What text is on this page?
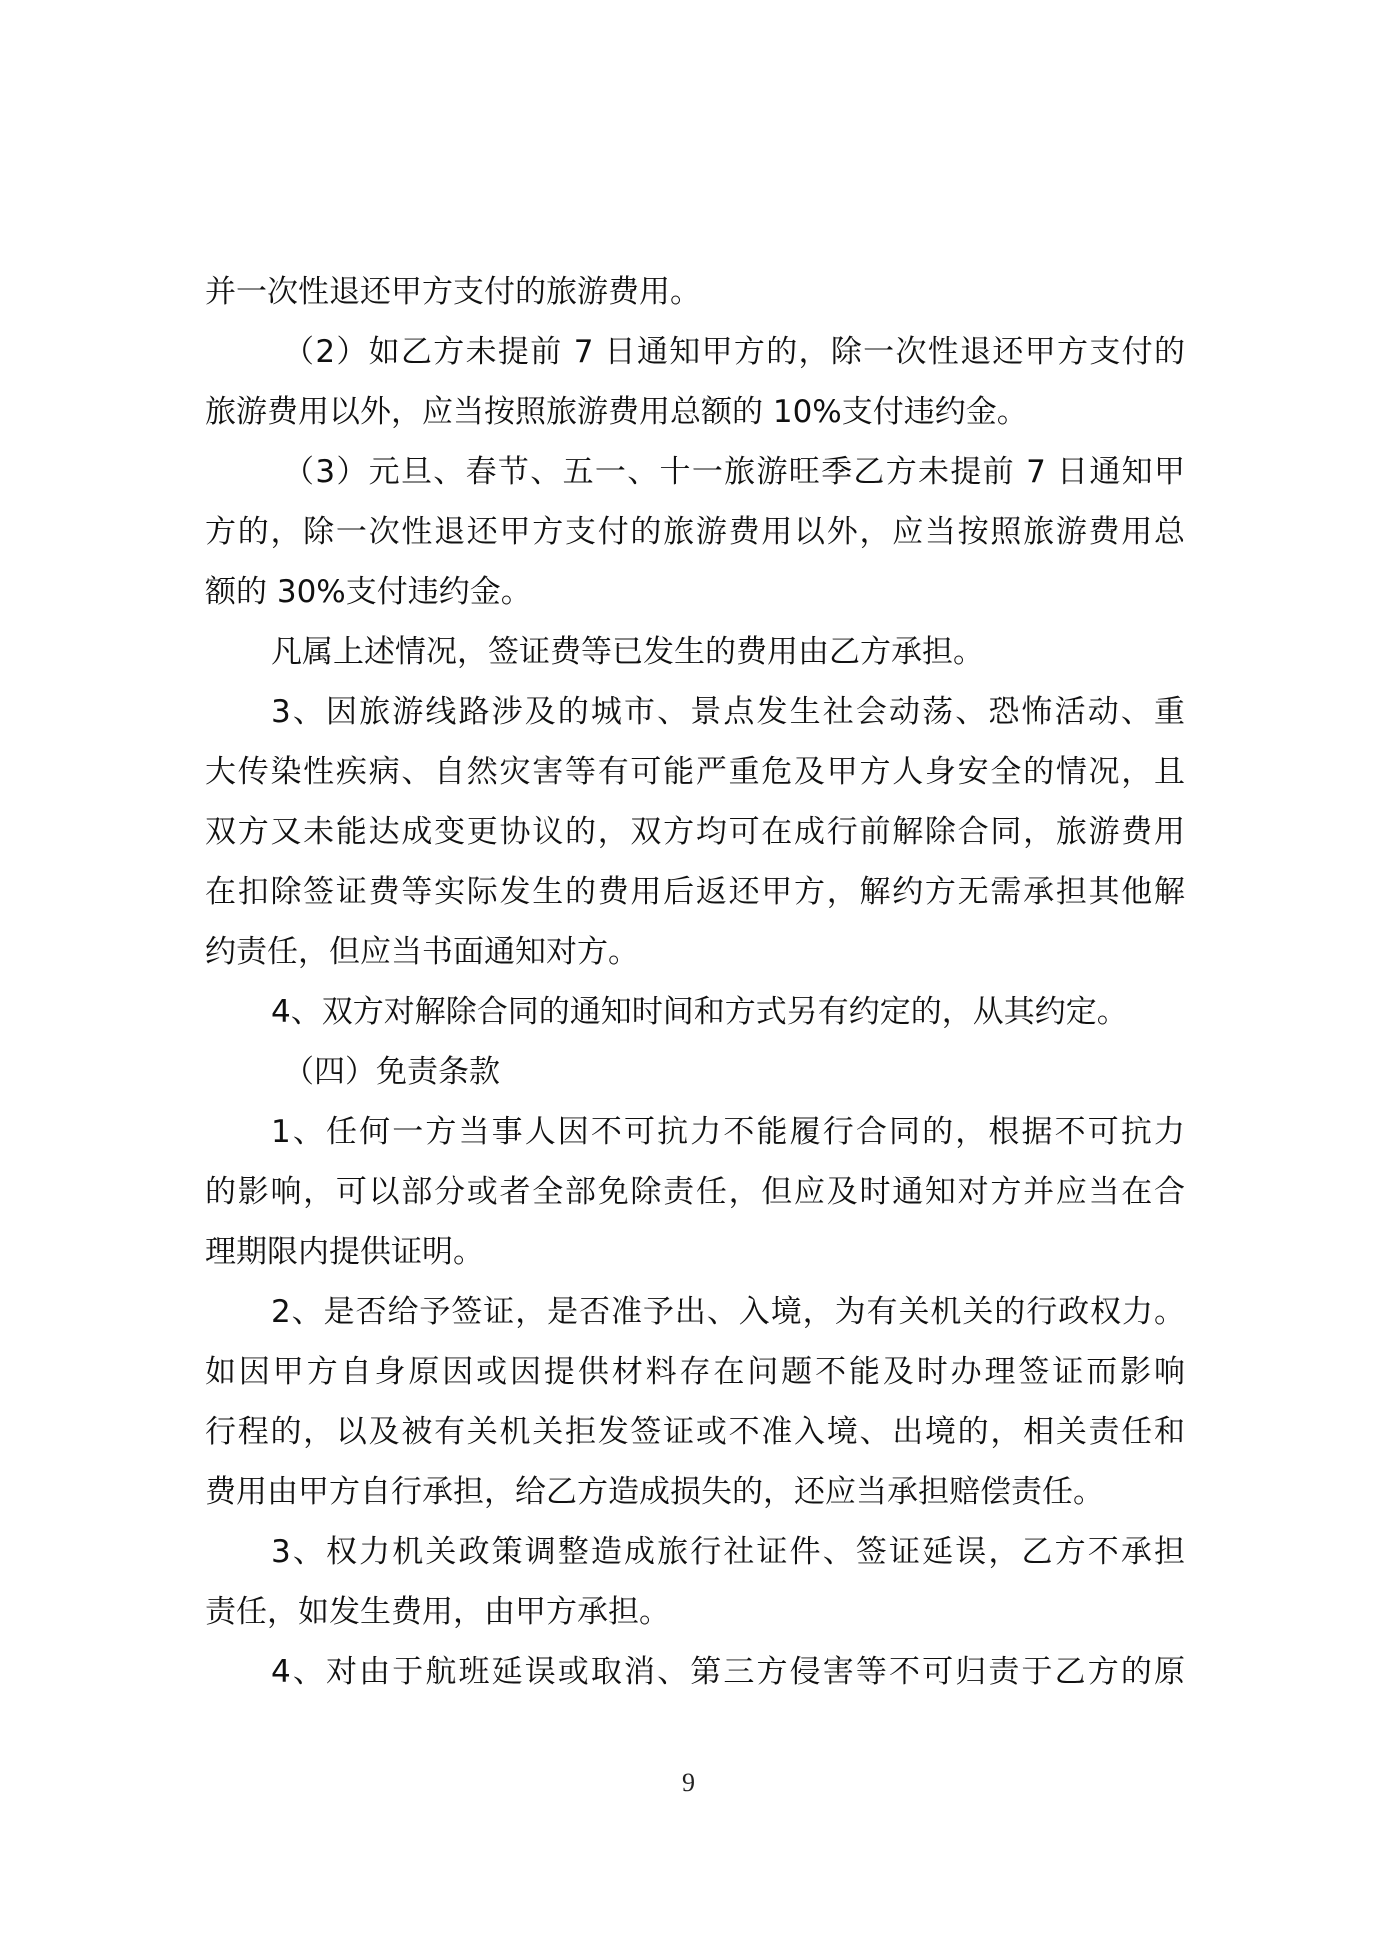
并一次性退还甲方支付的旅游费用。
（2）如乙方未提前 7 日通知甲方的，除一次性退还甲方支付的
旅游费用以外，应当按照旅游费用总额的 10%支付违约金。
（3）元旦、春节、五一、十一旅游旺季乙方未提前 7 日通知甲
方的，除一次性退还甲方支付的旅游费用以外，应当按照旅游费用总
额的 30%支付违约金。
凡属上述情况，签证费等已发生的费用由乙方承担。
3、因旅游线路涉及的城市、景点发生社会动荡、恐怖活动、重
大传染性疾病、自然灾害等有可能严重危及甲方人身安全的情况，且
双方又未能达成变更协议的，双方均可在成行前解除合同，旅游费用
在扣除签证费等实际发生的费用后返还甲方，解约方无需承担其他解
约责任，但应当书面通知对方。
4、双方对解除合同的通知时间和方式另有约定的，从其约定。
（四）免责条款
1、任何一方当事人因不可抗力不能履行合同的，根据不可抗力
的影响，可以部分或者全部免除责任，但应及时通知对方并应当在合
理期限内提供证明。
2、是否给予签证，是否准予出、入境，为有关机关的行政权力。
如因甲方自身原因或因提供材料存在问题不能及时办理签证而影响
行程的，以及被有关机关拒发签证或不准入境、出境的，相关责任和
费用由甲方自行承担，给乙方造成损失的，还应当承担赔偿责任。
3、权力机关政策调整造成旅行社证件、签证延误，乙方不承担
责任，如发生费用，由甲方承担。
4、对由于航班延误或取消、第三方侵害等不可归责于乙方的原
9
